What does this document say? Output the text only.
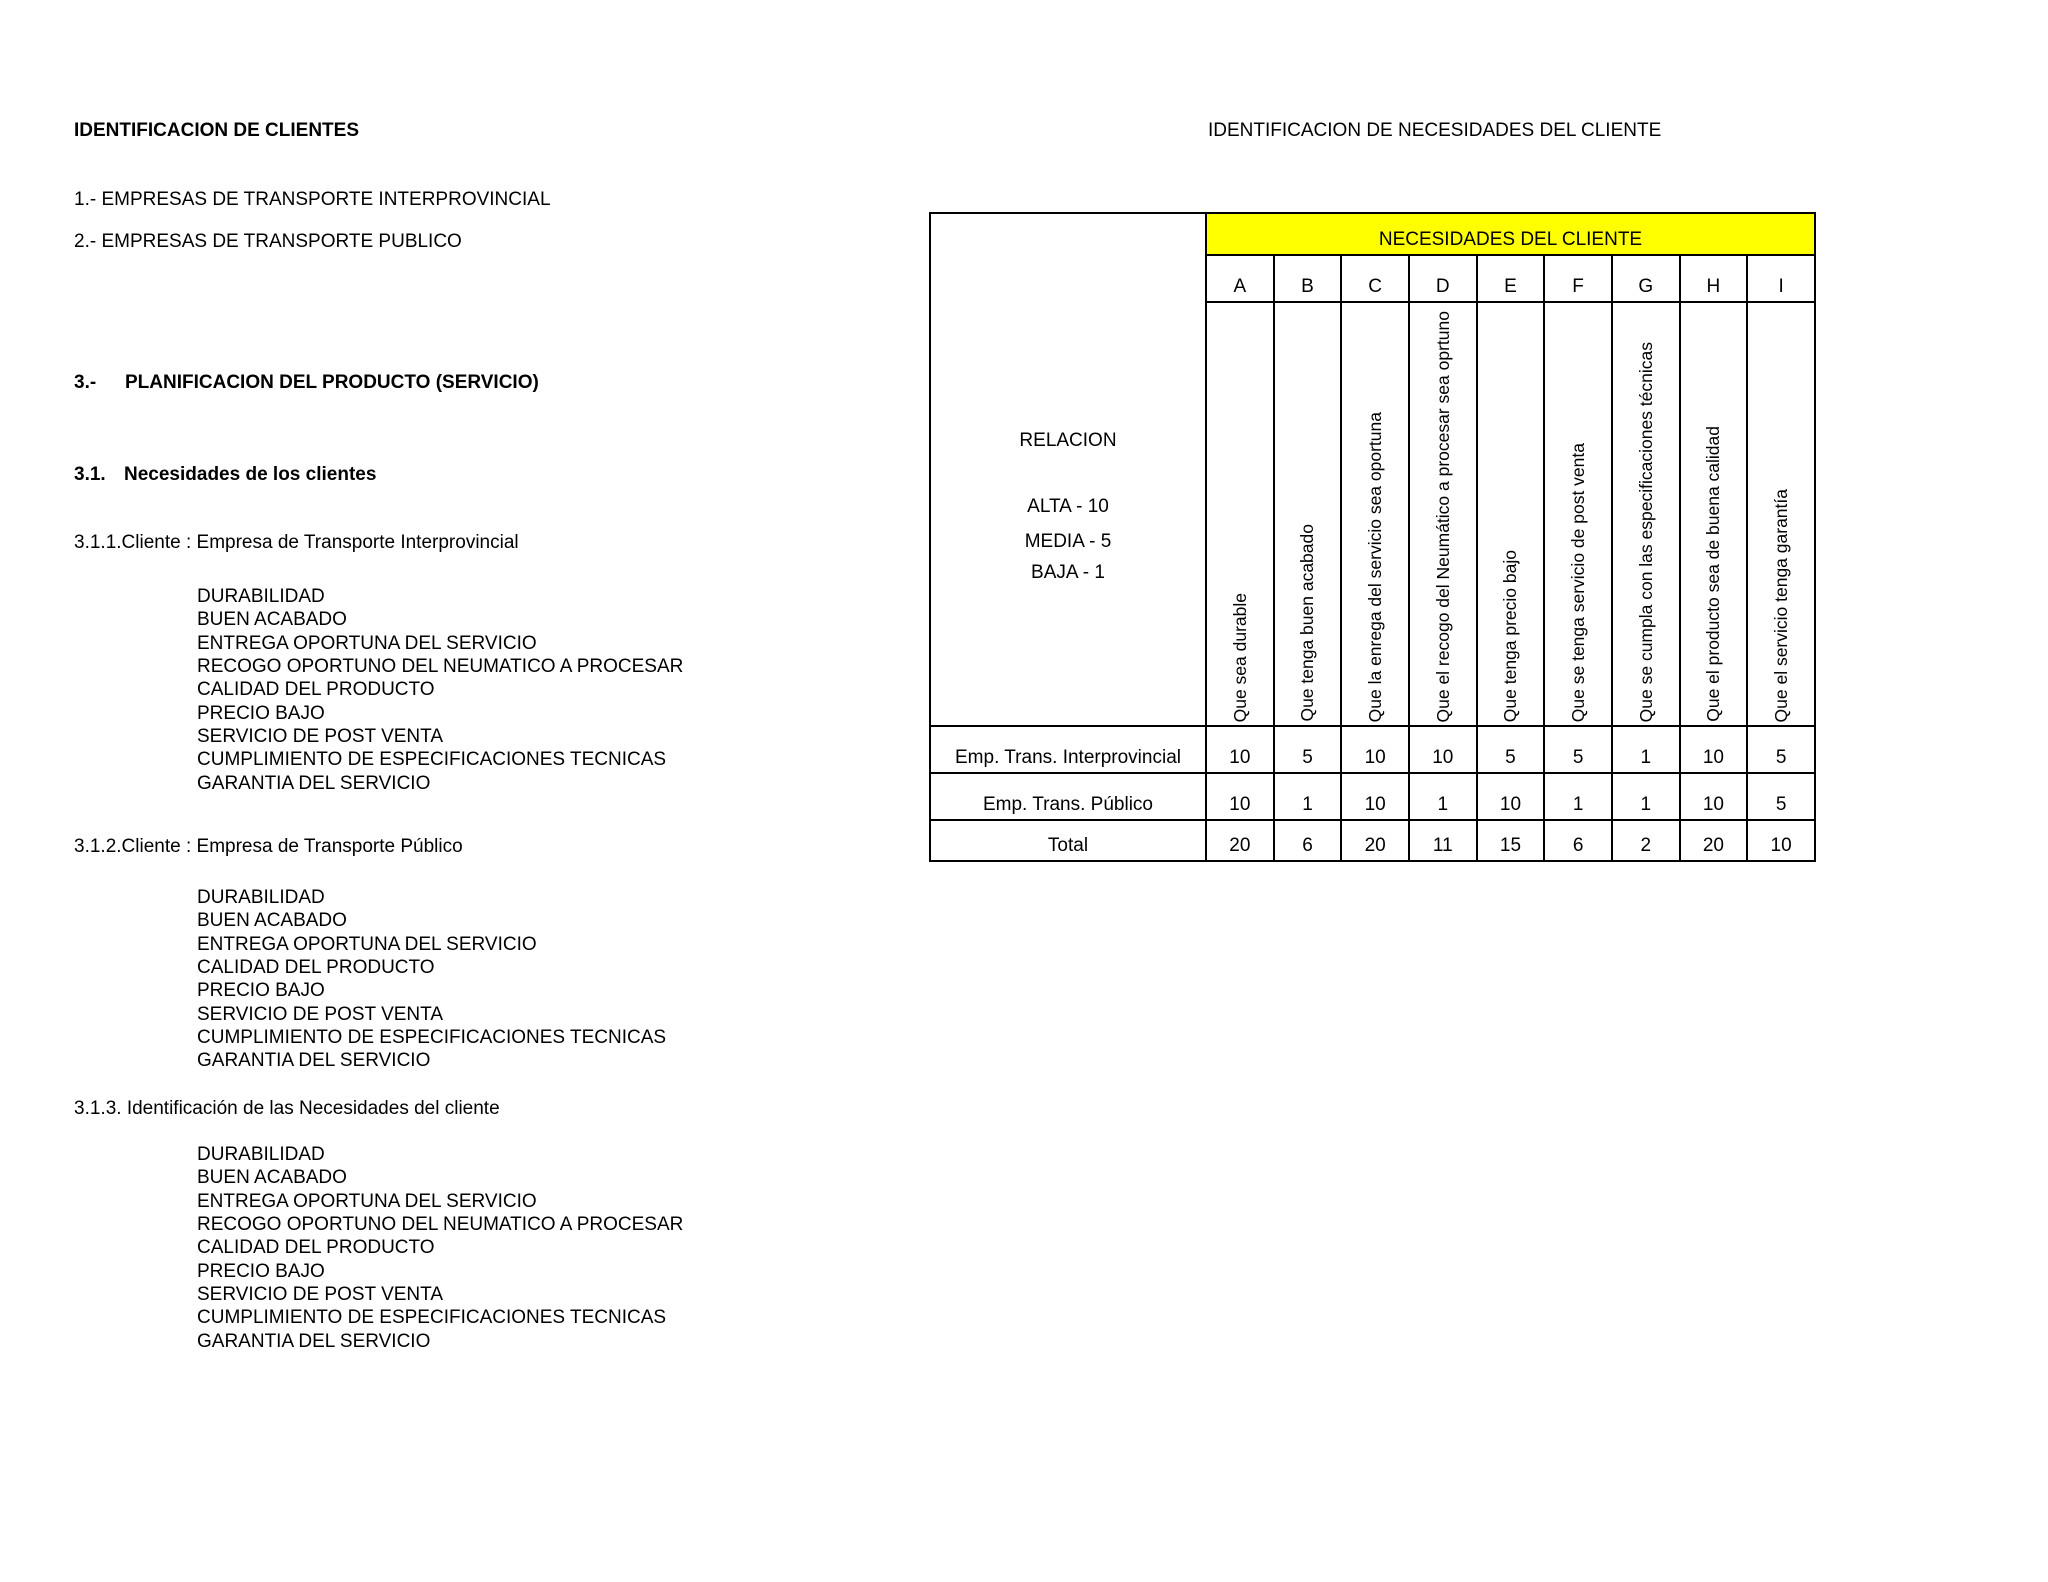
IDENTIFICACION DE CLIENTES	IDENTIFICACION DE NECESIDADES DEL CLIENTE
1.- EMPRESAS DE TRANSPORTE INTERPROVINCIAL
2.- EMPRESAS DE TRANSPORTE PUBLICO
3.- PLANIFICACION DEL PRODUCTO (SERVICIO)
3.1. Necesidades de los clientes
3.1.1.Cliente : Empresa de Transporte Interprovincial
DURABILIDAD
BUEN ACABADO
ENTREGA OPORTUNA DEL SERVICIO
RECOGO OPORTUNO DEL NEUMATICO A PROCESAR
CALIDAD DEL PRODUCTO
PRECIO BAJO
SERVICIO DE POST VENTA
CUMPLIMIENTO DE ESPECIFICACIONES TECNICAS
GARANTIA DEL SERVICIO
3.1.2.Cliente : Empresa de Transporte Público
DURABILIDAD
BUEN ACABADO
ENTREGA OPORTUNA DEL SERVICIO
CALIDAD DEL PRODUCTO
PRECIO BAJO
SERVICIO DE POST VENTA
CUMPLIMIENTO DE ESPECIFICACIONES TECNICAS
GARANTIA DEL SERVICIO
3.1.3. Identificación de las Necesidades del cliente
DURABILIDAD
BUEN ACABADO
ENTREGA OPORTUNA DEL SERVICIO
RECOGO OPORTUNO DEL NEUMATICO A PROCESAR
CALIDAD DEL PRODUCTO
PRECIO BAJO
SERVICIO DE POST VENTA
CUMPLIMIENTO DE ESPECIFICACIONES TECNICAS
GARANTIA DEL SERVICIO
RELACION
ALTA - 10
MEDIA - 5
BAJA - 1	NECESIDADES DEL CLIENTE								
	A	B	C	D	E	F	G	H	I

	Que sea durable	Que tenga buen acabado	Que la enrega del servicio sea oportuna	Que el recogo del Neumático a procesar sea oprtuno	Que tenga precio bajo	Que se tenga servicio de post venta	Que se cumpla con las especificaciones técnicas	Que el producto sea de buena calidad	Que el servicio tenga garantía

Emp. Trans. Interprovincial	10	5	10	10	5	5	1	10	5
Emp. Trans. Público	10	1	10	1	10	1	1	10	5
Total	20	6	20	11	15	6	2	20	10
